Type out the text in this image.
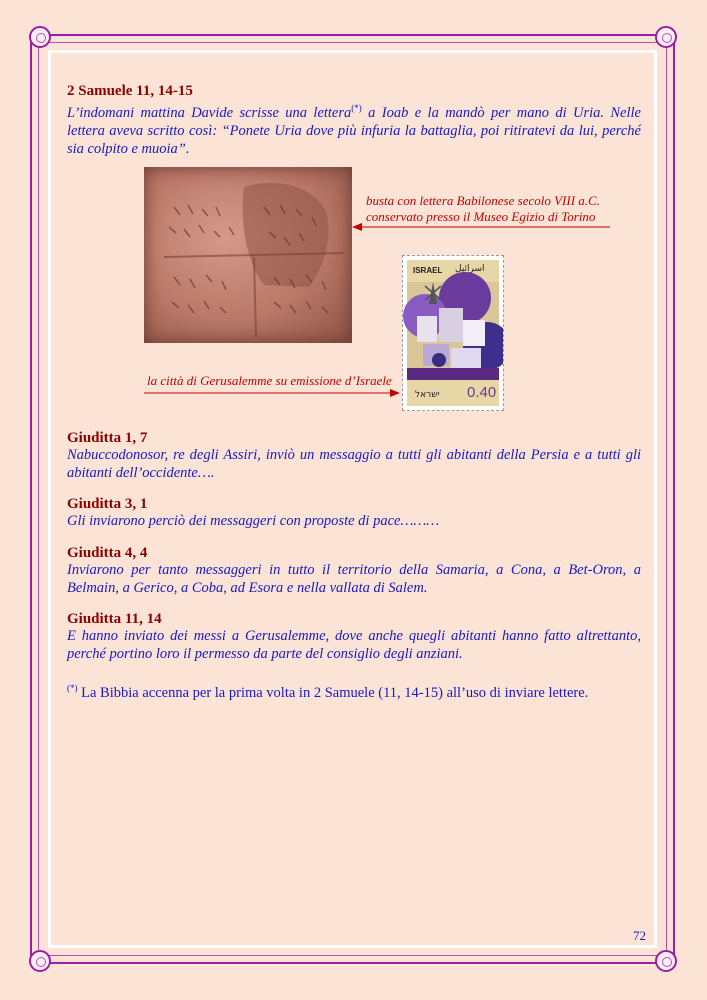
2 Samuele 11, 14-15
L’indomani mattina Davide scrisse una lettera(*) a Ioab e la mandò per mano di Uria. Nelle lettera aveva scritto così: “Ponete Uria dove più infuria la battaglia, poi ritiratevi da lui, perché sia colpito e muoia”.
busta con lettera Babilonese secolo VIII a.C.
conservato presso il Museo Egizio di Torino
ISRAEL اسرائيل
ישראל 0.40
la città di Gerusalemme su emissione d’Israele
Giuditta 1, 7
Nabuccodonosor, re degli Assiri, inviò un messaggio a tutti gli abitanti della Persia e a tutti gli abitanti dell’occidente….
Giuditta 3, 1
Gli inviarono perciò dei messaggeri con proposte di pace………
Giuditta 4, 4
Inviarono per tanto messaggeri in tutto il territorio della Samaria, a Cona, a Bet-Oron, a Belmain, a Gerico, a Coba, ad Esora e nella vallata di Salem.
Giuditta 11, 14
E hanno inviato dei messi a Gerusalemme, dove anche quegli abitanti hanno fatto altrettanto, perché portino loro il permesso da parte del consiglio degli anziani.
(*) La Bibbia accenna per la prima volta in 2 Samuele (11, 14-15) all’uso di inviare lettere.
72
